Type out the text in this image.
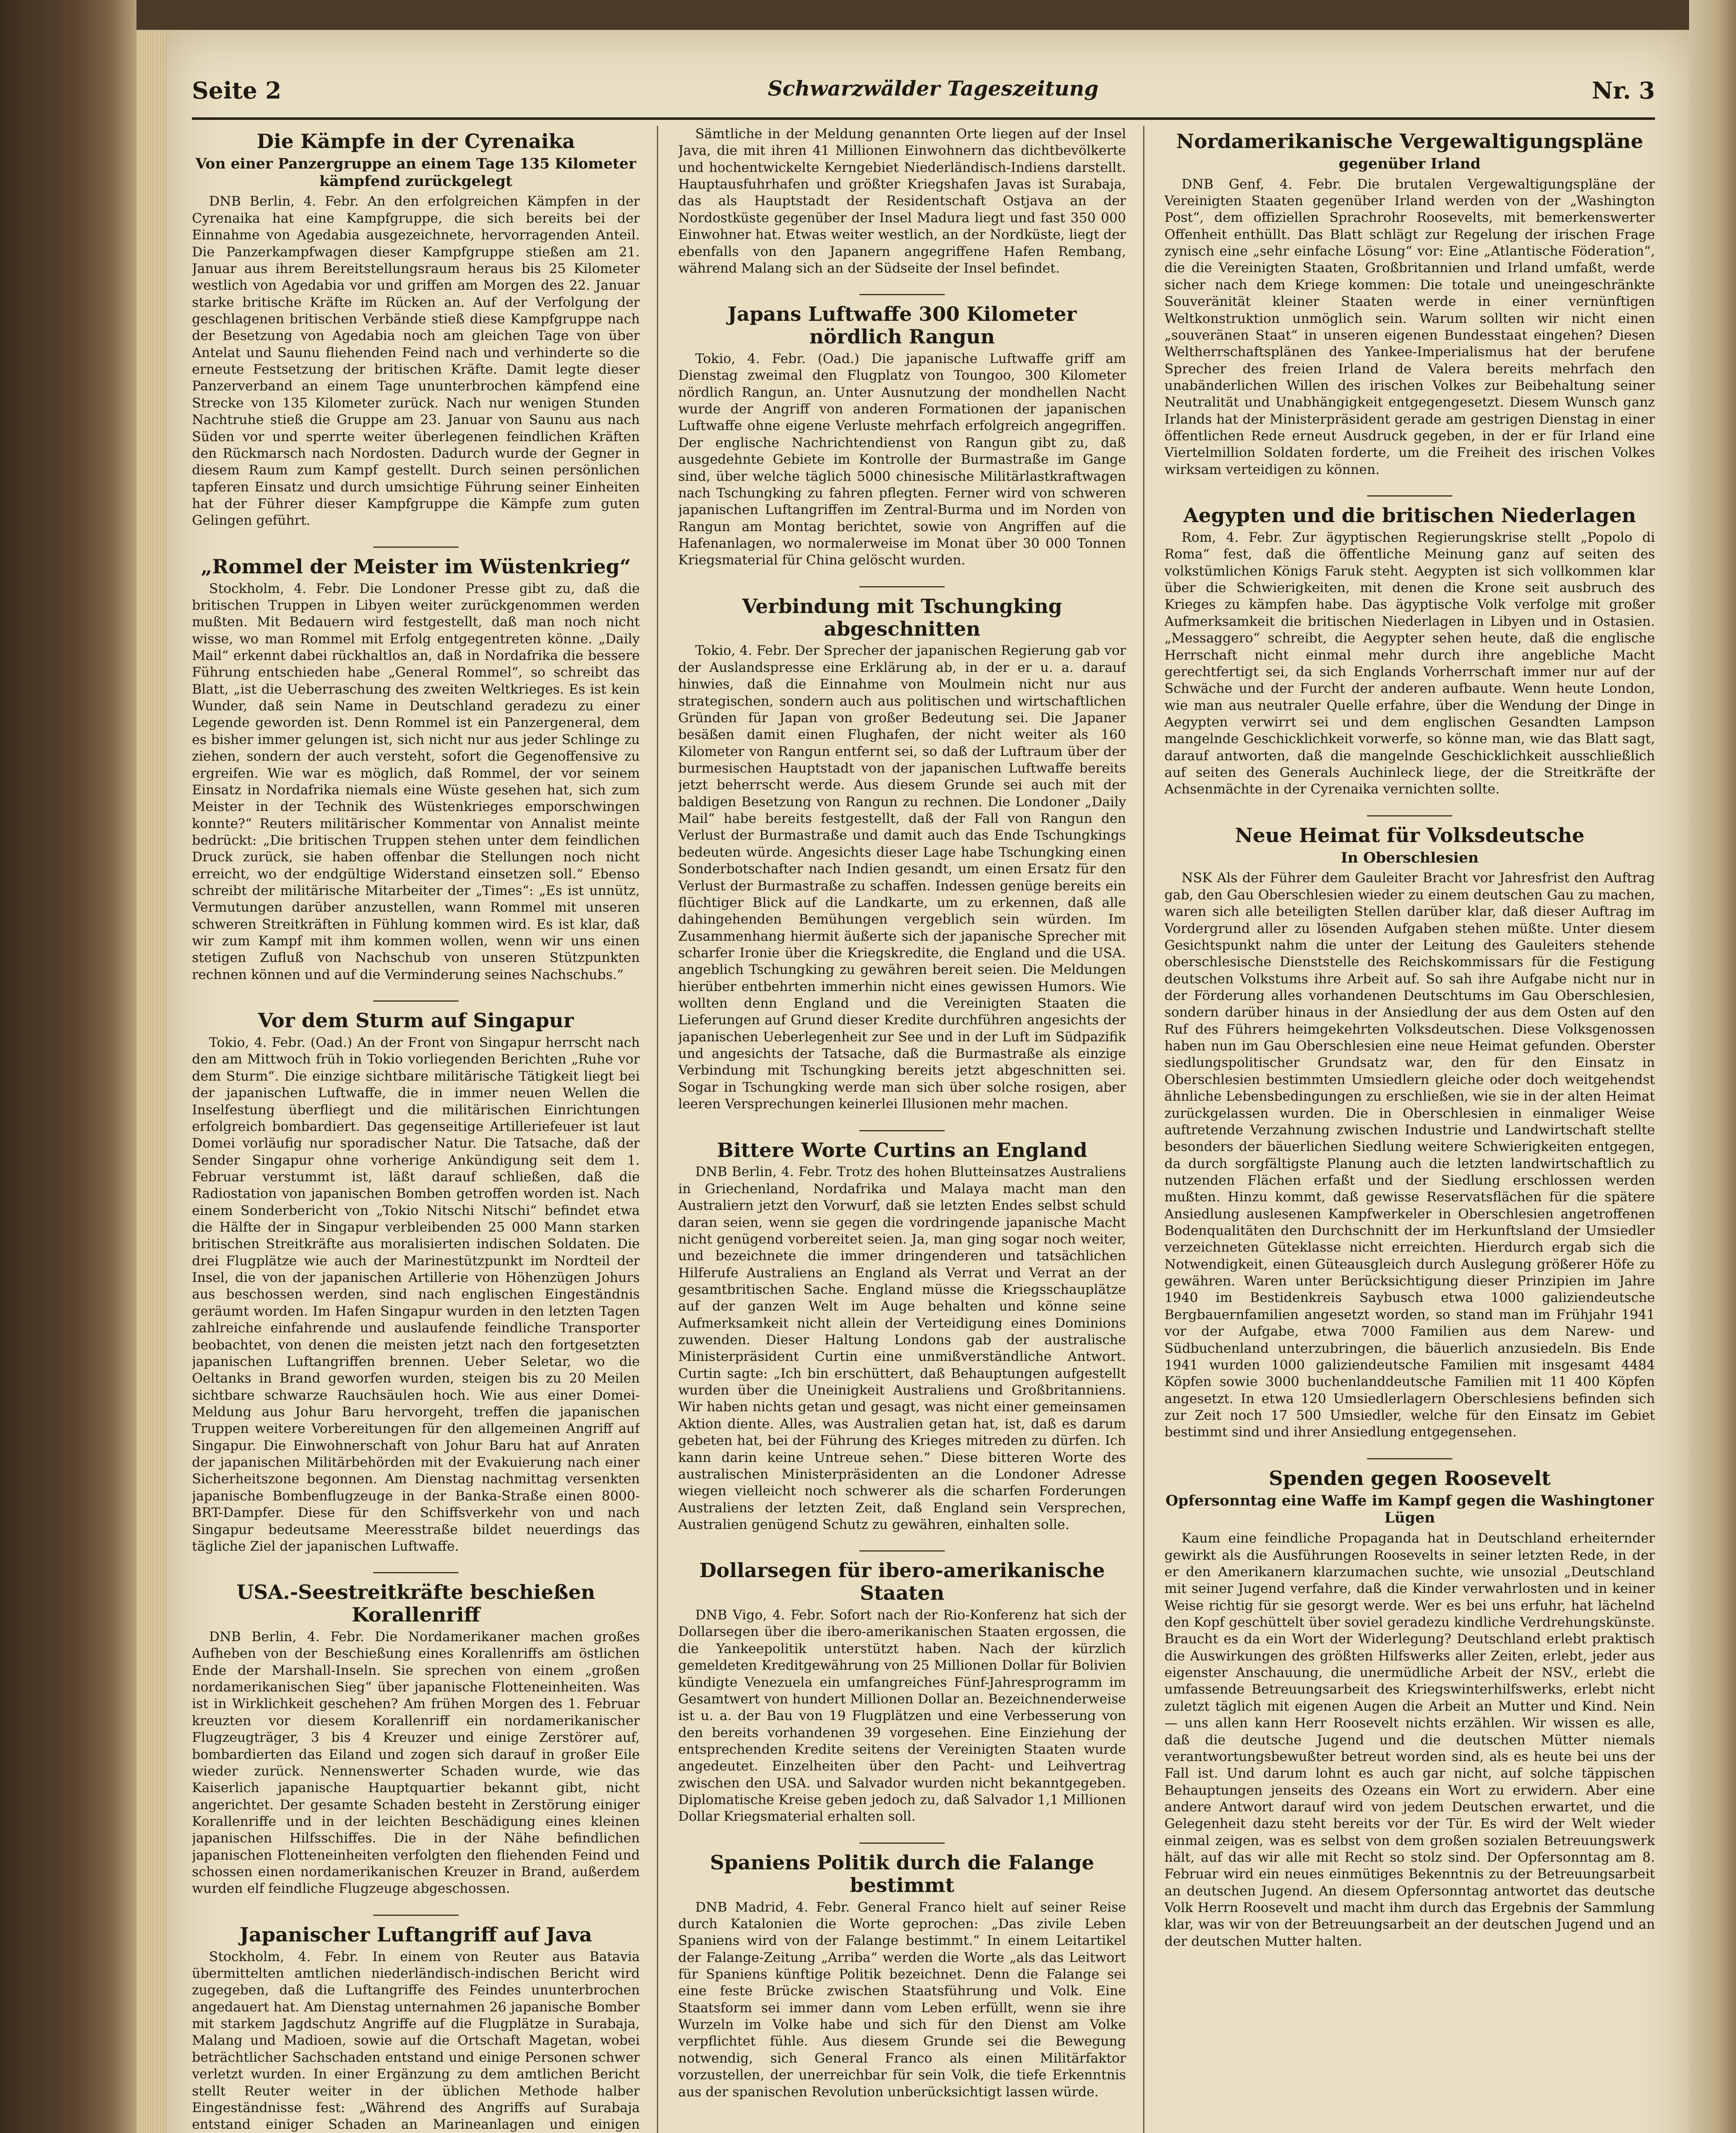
Seite 2	Schwarzwälder Tageszeitung	Nr. 3
Die Kämpfe in der Cyrenaika
Von einer Panzergruppe an einem Tage 135 Kilometer kämpfend zurückgelegt

DNB Berlin, 4. Febr. An den erfolgreichen Kämpfen in der Cyrenaika hat eine Kampfgruppe, die sich bereits bei der Einnahme von Agedabia ausgezeichnete, hervorragenden Anteil. Die Panzerkampfwagen dieser Kampfgruppe stießen am 21. Januar aus ihrem Bereitstellungsraum heraus bis 25 Kilometer westlich von Agedabia vor und griffen am Morgen des 22. Januar starke britische Kräfte im Rücken an. Auf der Verfolgung der geschlagenen britischen Verbände stieß diese Kampfgruppe nach der Besetzung von Agedabia noch am gleichen Tage von über Antelat und Saunu fliehenden Feind nach und verhinderte so die erneute Festsetzung der britischen Kräfte. Damit legte dieser Panzerverband an einem Tage ununterbrochen kämpfend eine Strecke von 135 Kilometer zurück. Nach nur wenigen Stunden Nachtruhe stieß die Gruppe am 23. Januar von Saunu aus nach Süden vor und sperrte weiter überlegenen feindlichen Kräften den Rückmarsch nach Nordosten. Dadurch wurde der Gegner in diesem Raum zum Kampf gestellt. Durch seinen persönlichen tapferen Einsatz und durch umsichtige Führung seiner Einheiten hat der Führer dieser Kampfgruppe die Kämpfe zum guten Gelingen geführt.

„Rommel der Meister im Wüstenkrieg“

Stockholm, 4. Febr. Die Londoner Presse gibt zu, daß die britischen Truppen in Libyen weiter zurückgenommen werden mußten. Mit Bedauern wird festgestellt, daß man noch nicht wisse, wo man Rommel mit Erfolg entgegentreten könne. „Daily Mail“ erkennt dabei rückhaltlos an, daß in Nordafrika die bessere Führung entschieden habe „General Rommel“, so schreibt das Blatt, „ist die Ueberraschung des zweiten Weltkrieges. Es ist kein Wunder, daß sein Name in Deutschland geradezu zu einer Legende geworden ist. Denn Rommel ist ein Panzergeneral, dem es bisher immer gelungen ist, sich nicht nur aus jeder Schlinge zu ziehen, sondern der auch versteht, sofort die Gegenoffensive zu ergreifen. Wie war es möglich, daß Rommel, der vor seinem Einsatz in Nordafrika niemals eine Wüste gesehen hat, sich zum Meister in der Technik des Wüstenkrieges emporschwingen konnte?“ Reuters militärischer Kommentar von Annalist meinte bedrückt: „Die britischen Truppen stehen unter dem feindlichen Druck zurück, sie haben offenbar die Stellungen noch nicht erreicht, wo der endgültige Widerstand einsetzen soll.“ Ebenso schreibt der militärische Mitarbeiter der „Times“: „Es ist unnütz, Vermutungen darüber anzustellen, wann Rommel mit unseren schweren Streitkräften in Fühlung kommen wird. Es ist klar, daß wir zum Kampf mit ihm kommen wollen, wenn wir uns einen stetigen Zufluß von Nachschub von unseren Stützpunkten rechnen können und auf die Verminderung seines Nachschubs.“

Vor dem Sturm auf Singapur

Tokio, 4. Febr. (Oad.) An der Front von Singapur herrscht nach den am Mittwoch früh in Tokio vorliegenden Berichten „Ruhe vor dem Sturm“. Die einzige sichtbare militärische Tätigkeit liegt bei der japanischen Luftwaffe, die in immer neuen Wellen die Inselfestung überfliegt und die militärischen Einrichtungen erfolgreich bombardiert. Das gegenseitige Artilleriefeuer ist laut Domei vorläufig nur sporadischer Natur. Die Tatsache, daß der Sender Singapur ohne vorherige Ankündigung seit dem 1. Februar verstummt ist, läßt darauf schließen, daß die Radiostation von japanischen Bomben getroffen worden ist. Nach einem Sonderbericht von „Tokio Nitschi Nitschi“ befindet etwa die Hälfte der in Singapur verbleibenden 25 000 Mann starken britischen Streitkräfte aus moralisierten indischen Soldaten. Die drei Flugplätze wie auch der Marinestützpunkt im Nordteil der Insel, die von der japanischen Artillerie von Höhenzügen Johurs aus beschossen werden, sind nach englischen Eingeständnis geräumt worden. Im Hafen Singapur wurden in den letzten Tagen zahlreiche einfahrende und auslaufende feindliche Transporter beobachtet, von denen die meisten jetzt nach den fortgesetzten japanischen Luftangriffen brennen. Ueber Seletar, wo die Oeltanks in Brand geworfen wurden, steigen bis zu 20 Meilen sichtbare schwarze Rauchsäulen hoch. Wie aus einer Domei-Meldung aus Johur Baru hervorgeht, treffen die japanischen Truppen weitere Vorbereitungen für den allgemeinen Angriff auf Singapur. Die Einwohnerschaft von Johur Baru hat auf Anraten der japanischen Militärbehörden mit der Evakuierung nach einer Sicherheitszone begonnen. Am Dienstag nachmittag versenkten japanische Bombenflugzeuge in der Banka-Straße einen 8000-BRT-Dampfer. Diese für den Schiffsverkehr von und nach Singapur bedeutsame Meeresstraße bildet neuerdings das tägliche Ziel der japanischen Luftwaffe.

USA.-Seestreitkräfte beschießen Korallenriff

DNB Berlin, 4. Febr. Die Nordamerikaner machen großes Aufheben von der Beschießung eines Korallenriffs am östlichen Ende der Marshall-Inseln. Sie sprechen von einem „großen nordamerikanischen Sieg“ über japanische Flotteneinheiten. Was ist in Wirklichkeit geschehen? Am frühen Morgen des 1. Februar kreuzten vor diesem Korallenriff ein nordamerikanischer Flugzeugträger, 3 bis 4 Kreuzer und einige Zerstörer auf, bombardierten das Eiland und zogen sich darauf in großer Eile wieder zurück. Nennenswerter Schaden wurde, wie das Kaiserlich japanische Hauptquartier bekannt gibt, nicht angerichtet. Der gesamte Schaden besteht in Zerstörung einiger Korallenriffe und in der leichten Beschädigung eines kleinen japanischen Hilfsschiffes. Die in der Nähe befindlichen japanischen Flotteneinheiten verfolgten den fliehenden Feind und schossen einen nordamerikanischen Kreuzer in Brand, außerdem wurden elf feindliche Flugzeuge abgeschossen.

Japanischer Luftangriff auf Java

Stockholm, 4. Febr. In einem von Reuter aus Batavia übermittelten amtlichen niederländisch-indischen Bericht wird zugegeben, daß die Luftangriffe des Feindes ununterbrochen angedauert hat. Am Dienstag unternahmen 26 japanische Bomber mit starkem Jagdschutz Angriffe auf die Flugplätze in Surabaja, Malang und Madioen, sowie auf die Ortschaft Magetan, wobei beträchtlicher Sachschaden entstand und einige Personen schwer verletzt wurden. In einer Ergänzung zu dem amtlichen Bericht stellt Reuter weiter in der üblichen Methode halber Eingeständnisse fest: „Während des Angriffs auf Surabaja entstand einiger Schaden an Marineanlagen und einigen

Sämtliche in der Meldung genannten Orte liegen auf der Insel Java, die mit ihren 41 Millionen Einwohnern das dichtbevölkerte und hochentwickelte Kerngebiet Niederländisch-Indiens darstellt. Hauptausfuhrhafen und größter Kriegshafen Javas ist Surabaja, das als Hauptstadt der Residentschaft Ostjava an der Nordostküste gegenüber der Insel Madura liegt und fast 350 000 Einwohner hat. Etwas weiter westlich, an der Nordküste, liegt der ebenfalls von den Japanern angegriffene Hafen Rembang, während Malang sich an der Südseite der Insel befindet.

Japans Luftwaffe 300 Kilometer nördlich Rangun

Tokio, 4. Febr. (Oad.) Die japanische Luftwaffe griff am Dienstag zweimal den Flugplatz von Toungoo, 300 Kilometer nördlich Rangun, an. Unter Ausnutzung der mondhellen Nacht wurde der Angriff von anderen Formationen der japanischen Luftwaffe ohne eigene Verluste mehrfach erfolgreich angegriffen. Der englische Nachrichtendienst von Rangun gibt zu, daß ausgedehnte Gebiete im Kontrolle der Burmastraße im Gange sind, über welche täglich 5000 chinesische Militärlastkraftwagen nach Tschungking zu fahren pflegten. Ferner wird von schweren japanischen Luftangriffen im Zentral-Burma und im Norden von Rangun am Montag berichtet, sowie von Angriffen auf die Hafenanlagen, wo normalerweise im Monat über 30 000 Tonnen Kriegsmaterial für China gelöscht wurden.

Verbindung mit Tschungking abgeschnitten

Tokio, 4. Febr. Der Sprecher der japanischen Regierung gab vor der Auslandspresse eine Erklärung ab, in der er u. a. darauf hinwies, daß die Einnahme von Moulmein nicht nur aus strategischen, sondern auch aus politischen und wirtschaftlichen Gründen für Japan von großer Bedeutung sei. Die Japaner besäßen damit einen Flughafen, der nicht weiter als 160 Kilometer von Rangun entfernt sei, so daß der Luftraum über der burmesischen Hauptstadt von der japanischen Luftwaffe bereits jetzt beherrscht werde. Aus diesem Grunde sei auch mit der baldigen Besetzung von Rangun zu rechnen. Die Londoner „Daily Mail“ habe bereits festgestellt, daß der Fall von Rangun den Verlust der Burmastraße und damit auch das Ende Tschungkings bedeuten würde. Angesichts dieser Lage habe Tschungking einen Sonderbotschafter nach Indien gesandt, um einen Ersatz für den Verlust der Burmastraße zu schaffen. Indessen genüge bereits ein flüchtiger Blick auf die Landkarte, um zu erkennen, daß alle dahingehenden Bemühungen vergeblich sein würden. Im Zusammenhang hiermit äußerte sich der japanische Sprecher mit scharfer Ironie über die Kriegskredite, die England und die USA. angeblich Tschungking zu gewähren bereit seien. Die Meldungen hierüber entbehrten immerhin nicht eines gewissen Humors. Wie wollten denn England und die Vereinigten Staaten die Lieferungen auf Grund dieser Kredite durchführen angesichts der japanischen Ueberlegenheit zur See und in der Luft im Südpazifik und angesichts der Tatsache, daß die Burmastraße als einzige Verbindung mit Tschungking bereits jetzt abgeschnitten sei. Sogar in Tschungking werde man sich über solche rosigen, aber leeren Versprechungen keinerlei Illusionen mehr machen.

Bittere Worte Curtins an England

DNB Berlin, 4. Febr. Trotz des hohen Blutteinsatzes Australiens in Griechenland, Nordafrika und Malaya macht man den Australiern jetzt den Vorwurf, daß sie letzten Endes selbst schuld daran seien, wenn sie gegen die vordringende japanische Macht nicht genügend vorbereitet seien. Ja, man ging sogar noch weiter, und bezeichnete die immer dringenderen und tatsächlichen Hilferufe Australiens an England als Verrat und Verrat an der gesamtbritischen Sache. England müsse die Kriegsschauplätze auf der ganzen Welt im Auge behalten und könne seine Aufmerksamkeit nicht allein der Verteidigung eines Dominions zuwenden. Dieser Haltung Londons gab der australische Ministerpräsident Curtin eine unmißverständliche Antwort. Curtin sagte: „Ich bin erschüttert, daß Behauptungen aufgestellt wurden über die Uneinigkeit Australiens und Großbritanniens. Wir haben nichts getan und gesagt, was nicht einer gemeinsamen Aktion diente. Alles, was Australien getan hat, ist, daß es darum gebeten hat, bei der Führung des Krieges mitreden zu dürfen. Ich kann darin keine Untreue sehen.“ Diese bitteren Worte des australischen Ministerpräsidenten an die Londoner Adresse wiegen vielleicht noch schwerer als die scharfen Forderungen Australiens der letzten Zeit, daß England sein Versprechen, Australien genügend Schutz zu gewähren, einhalten solle.

Dollarsegen für ibero-amerikanische Staaten

DNB Vigo, 4. Febr. Sofort nach der Rio-Konferenz hat sich der Dollarsegen über die ibero-amerikanischen Staaten ergossen, die die Yankeepolitik unterstützt haben. Nach der kürzlich gemeldeten Kreditgewährung von 25 Millionen Dollar für Bolivien kündigte Venezuela ein umfangreiches Fünf-Jahresprogramm im Gesamtwert von hundert Millionen Dollar an. Bezeichnenderweise ist u. a. der Bau von 19 Flugplätzen und eine Verbesserung von den bereits vorhandenen 39 vorgesehen. Eine Einziehung der entsprechenden Kredite seitens der Vereinigten Staaten wurde angedeutet. Einzelheiten über den Pacht- und Leihvertrag zwischen den USA. und Salvador wurden nicht bekanntgegeben. Diplomatische Kreise geben jedoch zu, daß Salvador 1,1 Millionen Dollar Kriegsmaterial erhalten soll.

Spaniens Politik durch die Falange bestimmt

DNB Madrid, 4. Febr. General Franco hielt auf seiner Reise durch Katalonien die Worte geprochen: „Das zivile Leben Spaniens wird von der Falange bestimmt.“ In einem Leitartikel der Falange-Zeitung „Arriba“ werden die Worte „als das Leitwort für Spaniens künftige Politik bezeichnet. Denn die Falange sei eine feste Brücke zwischen Staatsführung und Volk. Eine Staatsform sei immer dann vom Leben erfüllt, wenn sie ihre Wurzeln im Volke habe und sich für den Dienst am Volke verpflichtet fühle. Aus diesem Grunde sei die Bewegung notwendig, sich General Franco als einen Militärfaktor vorzustellen, der unerreichbar für sein Volk, die tiefe Erkenntnis aus der spanischen Revolution unberücksichtigt lassen würde.

Nordamerikanische Vergewaltigungspläne
gegenüber Irland

DNB Genf, 4. Febr. Die brutalen Vergewaltigungspläne der Vereinigten Staaten gegenüber Irland werden von der „Washington Post“, dem offiziellen Sprachrohr Roosevelts, mit bemerkenswerter Offenheit enthüllt. Das Blatt schlägt zur Regelung der irischen Frage zynisch eine „sehr einfache Lösung“ vor: Eine „Atlantische Föderation“, die die Vereinigten Staaten, Großbritannien und Irland umfaßt, werde sicher nach dem Kriege kommen: Die totale und uneingeschränkte Souveränität kleiner Staaten werde in einer vernünftigen Weltkonstruktion unmöglich sein. Warum sollten wir nicht einen „souveränen Staat“ in unseren eigenen Bundesstaat eingehen? Diesen Weltherrschaftsplänen des Yankee-Imperialismus hat der berufene Sprecher des freien Irland de Valera bereits mehrfach den unabänderlichen Willen des irischen Volkes zur Beibehaltung seiner Neutralität und Unabhängigkeit entgegengesetzt. Diesem Wunsch ganz Irlands hat der Ministerpräsident gerade am gestrigen Dienstag in einer öffentlichen Rede erneut Ausdruck gegeben, in der er für Irland eine Viertelmillion Soldaten forderte, um die Freiheit des irischen Volkes wirksam verteidigen zu können.

Aegypten und die britischen Niederlagen

Rom, 4. Febr. Zur ägyptischen Regierungskrise stellt „Popolo di Roma“ fest, daß die öffentliche Meinung ganz auf seiten des volkstümlichen Königs Faruk steht. Aegypten ist sich vollkommen klar über die Schwierigkeiten, mit denen die Krone seit ausbruch des Krieges zu kämpfen habe. Das ägyptische Volk verfolge mit großer Aufmerksamkeit die britischen Niederlagen in Libyen und in Ostasien. „Messaggero“ schreibt, die Aegypter sehen heute, daß die englische Herrschaft nicht einmal mehr durch ihre angebliche Macht gerechtfertigt sei, da sich Englands Vorherrschaft immer nur auf der Schwäche und der Furcht der anderen aufbaute. Wenn heute London, wie man aus neutraler Quelle erfahre, über die Wendung der Dinge in Aegypten verwirrt sei und dem englischen Gesandten Lampson mangelnde Geschicklichkeit vorwerfe, so könne man, wie das Blatt sagt, darauf antworten, daß die mangelnde Geschicklichkeit ausschließlich auf seiten des Generals Auchinleck liege, der die Streitkräfte der Achsenmächte in der Cyrenaika vernichten sollte.

Neue Heimat für Volksdeutsche
In Oberschlesien

NSK Als der Führer dem Gauleiter Bracht vor Jahresfrist den Auftrag gab, den Gau Oberschlesien wieder zu einem deutschen Gau zu machen, waren sich alle beteiligten Stellen darüber klar, daß dieser Auftrag im Vordergrund aller zu lösenden Aufgaben stehen müßte. Unter diesem Gesichtspunkt nahm die unter der Leitung des Gauleiters stehende oberschlesische Dienststelle des Reichskommissars für die Festigung deutschen Volkstums ihre Arbeit auf. So sah ihre Aufgabe nicht nur in der Förderung alles vorhandenen Deutschtums im Gau Oberschlesien, sondern darüber hinaus in der Ansiedlung der aus dem Osten auf den Ruf des Führers heimgekehrten Volksdeutschen. Diese Volksgenossen haben nun im Gau Oberschlesien eine neue Heimat gefunden. Oberster siedlungspolitischer Grundsatz war, den für den Einsatz in Oberschlesien bestimmten Umsiedlern gleiche oder doch weitgehendst ähnliche Lebensbedingungen zu erschließen, wie sie in der alten Heimat zurückgelassen wurden. Die in Oberschlesien in einmaliger Weise auftretende Verzahnung zwischen Industrie und Landwirtschaft stellte besonders der bäuerlichen Siedlung weitere Schwierigkeiten entgegen, da durch sorgfältigste Planung auch die letzten landwirtschaftlich zu nutzenden Flächen erfaßt und der Siedlung erschlossen werden mußten. Hinzu kommt, daß gewisse Reservatsflächen für die spätere Ansiedlung auslesenen Kampfwerkeler in Oberschlesien angetroffenen Bodenqualitäten den Durchschnitt der im Herkunftsland der Umsiedler verzeichneten Güteklasse nicht erreichten. Hierdurch ergab sich die Notwendigkeit, einen Güteausgleich durch Auslegung größerer Höfe zu gewähren. Waren unter Berücksichtigung dieser Prinzipien im Jahre 1940 im Bestidenkreis Saybusch etwa 1000 galiziendeutsche Bergbauernfamilien angesetzt worden, so stand man im Frühjahr 1941 vor der Aufgabe, etwa 7000 Familien aus dem Narew- und Südbuchenland unterzubringen, die bäuerlich anzusiedeln. Bis Ende 1941 wurden 1000 galiziendeutsche Familien mit insgesamt 4484 Köpfen sowie 3000 buchenlanddeutsche Familien mit 11 400 Köpfen angesetzt. In etwa 120 Umsiedlerlagern Oberschlesiens befinden sich zur Zeit noch 17 500 Umsiedler, welche für den Einsatz im Gebiet bestimmt sind und ihrer Ansiedlung entgegensehen.

Spenden gegen Roosevelt
Opfersonntag eine Waffe im Kampf gegen die Washingtoner Lügen

Kaum eine feindliche Propaganda hat in Deutschland erheiternder gewirkt als die Ausführungen Roosevelts in seiner letzten Rede, in der er den Amerikanern klarzumachen suchte, wie unsozial „Deutschland mit seiner Jugend verfahre, daß die Kinder verwahrlosten und in keiner Weise richtig für sie gesorgt werde. Wer es bei uns erfuhr, hat lächelnd den Kopf geschüttelt über soviel geradezu kindliche Verdrehungskünste. Braucht es da ein Wort der Widerlegung? Deutschland erlebt praktisch die Auswirkungen des größten Hilfswerks aller Zeiten, erlebt, jeder aus eigenster Anschauung, die unermüdliche Arbeit der NSV., erlebt die umfassende Betreuungsarbeit des Kriegswinterhilfswerks, erlebt nicht zuletzt täglich mit eigenen Augen die Arbeit an Mutter und Kind. Nein — uns allen kann Herr Roosevelt nichts erzählen. Wir wissen es alle, daß die deutsche Jugend und die deutschen Mütter niemals verantwortungsbewußter betreut worden sind, als es heute bei uns der Fall ist. Und darum lohnt es auch gar nicht, auf solche täppischen Behauptungen jenseits des Ozeans ein Wort zu erwidern. Aber eine andere Antwort darauf wird von jedem Deutschen erwartet, und die Gelegenheit dazu steht bereits vor der Tür. Es wird der Welt wieder einmal zeigen, was es selbst von dem großen sozialen Betreuungswerk hält, auf das wir alle mit Recht so stolz sind. Der Opfersonntag am 8. Februar wird ein neues einmütiges Bekenntnis zu der Betreuungsarbeit an deutschen Jugend. An diesem Opfersonntag antwortet das deutsche Volk Herrn Roosevelt und macht ihm durch das Ergebnis der Sammlung klar, was wir von der Betreuungsarbeit an der deutschen Jugend und an der deutschen Mutter halten.
